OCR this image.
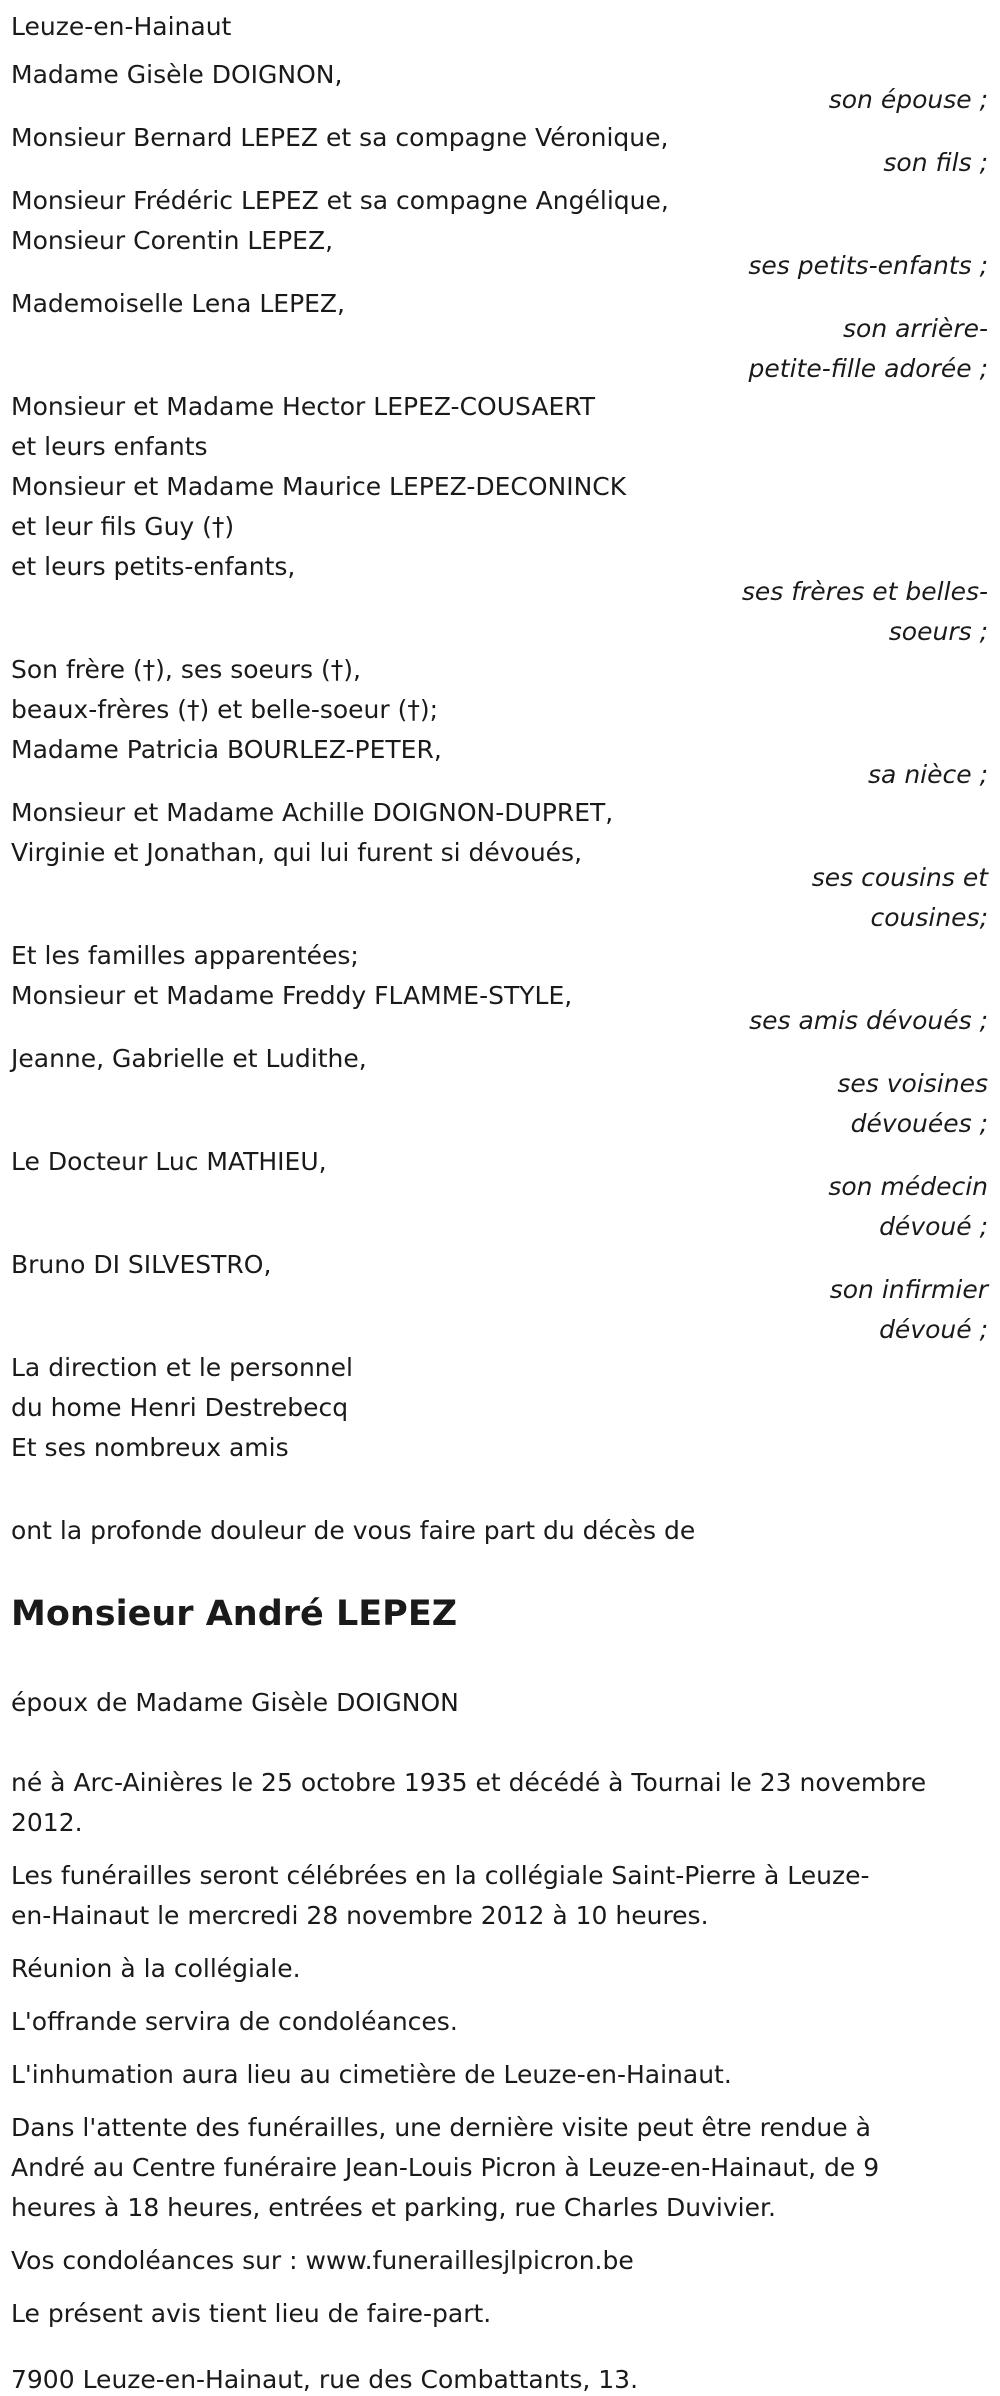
Leuze-en-Hainaut
Madame Gisèle DOIGNON,
Monsieur Bernard LEPEZ et sa compagne Véronique,
Monsieur Frédéric LEPEZ et sa compagne Angélique,
Monsieur Corentin LEPEZ,
Mademoiselle Lena LEPEZ,
Monsieur et Madame Hector LEPEZ-COUSAERT
et leurs enfants
Monsieur et Madame Maurice LEPEZ-DECONINCK
et leur fils Guy (†)
et leurs petits-enfants,
Son frère (†), ses soeurs (†),
beaux-frères (†) et belle-soeur (†);
Madame Patricia BOURLEZ-PETER,
Monsieur et Madame Achille DOIGNON-DUPRET,
Virginie et Jonathan, qui lui furent si dévoués,
Et les familles apparentées;
Monsieur et Madame Freddy FLAMME-STYLE,
Jeanne, Gabrielle et Ludithe,
Le Docteur Luc MATHIEU,
Bruno DI SILVESTRO,
La direction et le personnel
du home Henri Destrebecq
Et ses nombreux amis
son épouse ;
son fils ;
ses petits-enfants ;
son arrière-
petite-fille adorée ;
ses frères et belles-
soeurs ;
sa nièce ;
ses cousins et
cousines;
ses amis dévoués ;
ses voisines
dévouées ;
son médecin
dévoué ;
son infirmier
dévoué ;
ont la profonde douleur de vous faire part du décès de
Monsieur André LEPEZ
époux de Madame Gisèle DOIGNON
né à Arc-Ainières le 25 octobre 1935 et décédé à Tournai le 23 novembre
2012.
Les funérailles seront célébrées en la collégiale Saint-Pierre à Leuze-
en-Hainaut le mercredi 28 novembre 2012 à 10 heures.
Réunion à la collégiale.
L'offrande servira de condoléances.
L'inhumation aura lieu au cimetière de Leuze-en-Hainaut.
Dans l'attente des funérailles, une dernière visite peut être rendue à
André au Centre funéraire Jean-Louis Picron à Leuze-en-Hainaut, de 9
heures à 18 heures, entrées et parking, rue Charles Duvivier.
Vos condoléances sur : www.funeraillesjlpicron.be
Le présent avis tient lieu de faire-part.
7900 Leuze-en-Hainaut, rue des Combattants, 13.
